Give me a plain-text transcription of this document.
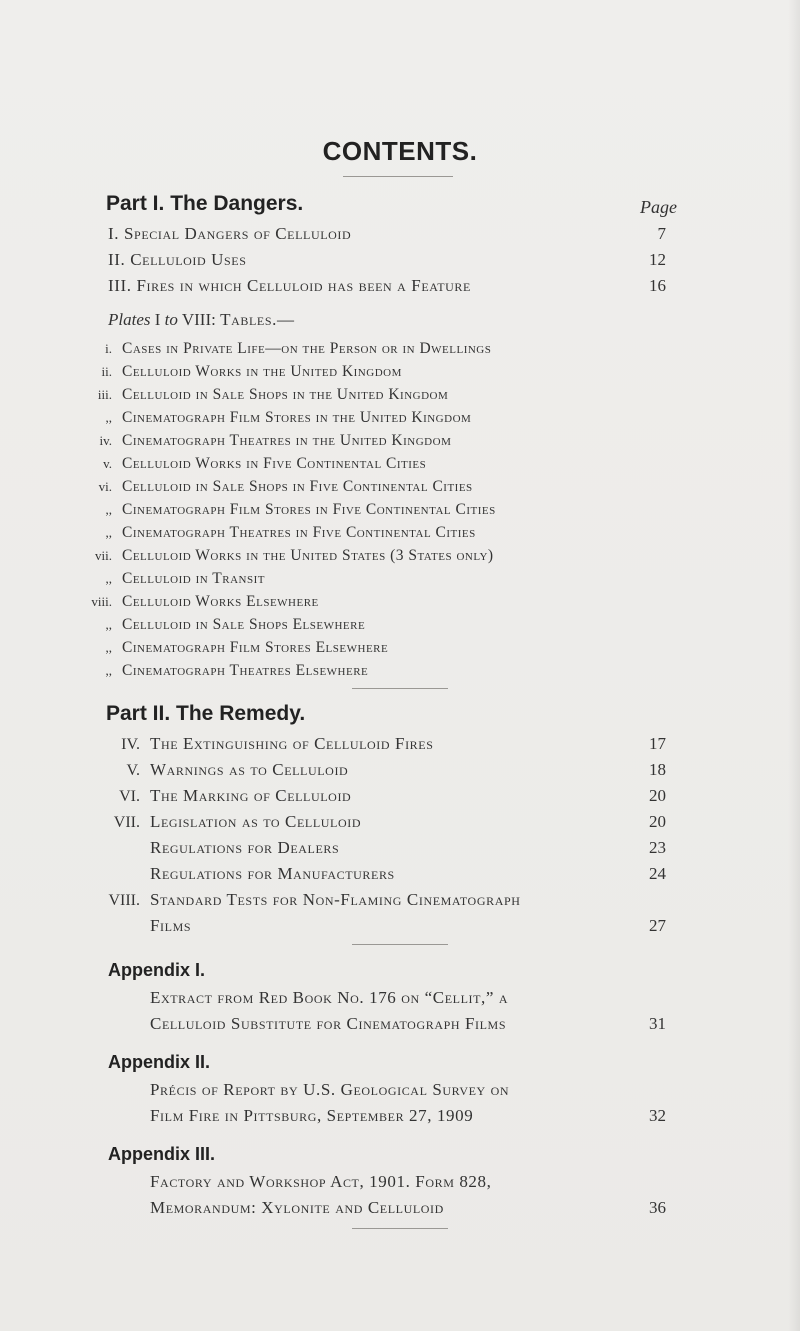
CONTENTS.
Part I. The Dangers.	Page
I. Special Dangers of Celluloid	7
II. Celluloid Uses	12
III. Fires in which Celluloid has been a Feature	16
Plates I to VIII: Tables.—
i. Cases in Private Life—on the Person or in Dwellings
ii. Celluloid Works in the United Kingdom
iii. Celluloid in Sale Shops in the United Kingdom
,, Cinematograph Film Stores in the United Kingdom
iv. Cinematograph Theatres in the United Kingdom
v. Celluloid Works in Five Continental Cities
vi. Celluloid in Sale Shops in Five Continental Cities
,, Cinematograph Film Stores in Five Continental Cities
,, Cinematograph Theatres in Five Continental Cities
vii. Celluloid Works in the United States (3 States only)
,, Celluloid in Transit
viii. Celluloid Works Elsewhere
,, Celluloid in Sale Shops Elsewhere
,, Cinematograph Film Stores Elsewhere
,, Cinematograph Theatres Elsewhere
Part II. The Remedy.
IV. The Extinguishing of Celluloid Fires	17
V. Warnings as to Celluloid	18
VI. The Marking of Celluloid	20
VII. Legislation as to Celluloid	20
Regulations for Dealers	23
Regulations for Manufacturers	24
VIII. Standard Tests for Non-Flaming Cinematograph
Films	27
Appendix I.
Extract from Red Book No. 176 on “Cellit,” a
Celluloid Substitute for Cinematograph Films	31
Appendix II.
Précis of Report by U.S. Geological Survey on
Film Fire in Pittsburg, September 27, 1909	32
Appendix III.
Factory and Workshop Act, 1901. Form 828,
Memorandum: Xylonite and Celluloid	36
